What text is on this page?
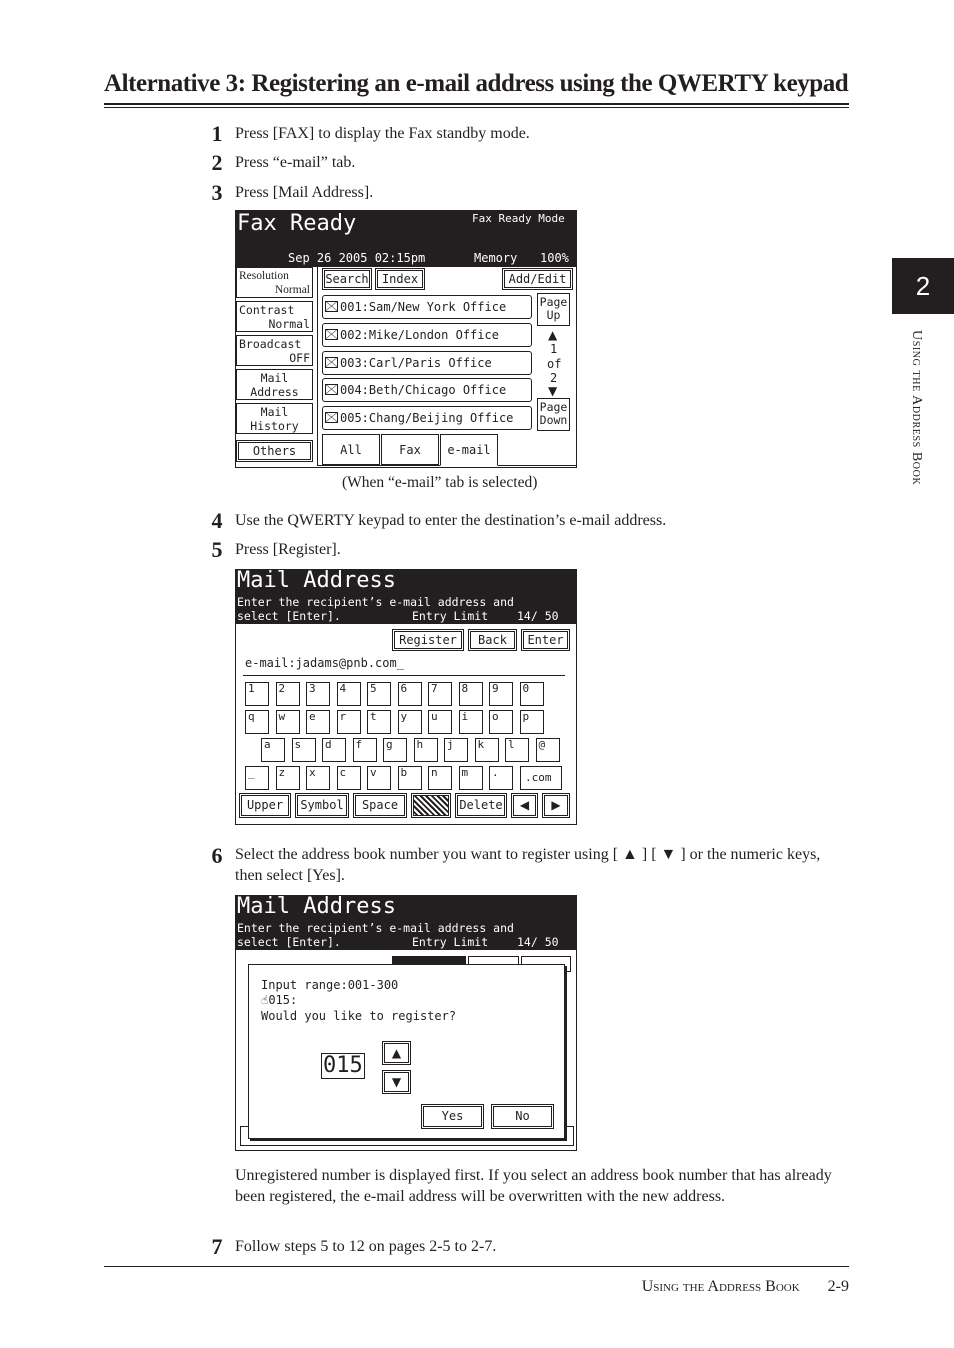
Alternative 3: Registering an e-mail address using the QWERTY keypad
1 Press [FAX] to display the Fax standby mode.
2 Press “e-mail” tab.
3 Press [Mail Address].
Fax Ready	Fax Ready Mode
Sep 26 2005 02:15pm	Memory 100%
Resolution
Normal
Contrast
Normal
Broadcast
OFF
Mail
Address
Mail
History
Others
Search	Index	Add/Edit
001:Sam/New York Office
002:Mike/London Office
003:Carl/Paris Office
004:Beth/Chicago Office
005:Chang/Beijing Office
Page
Up
▲
1
of
2
▼
Page
Down
All	Fax	e-mail
(When “e-mail” tab is selected)
4 Use the QWERTY keypad to enter the destination’s e-mail address.
5 Press [Register].
Mail Address
Enter the recipient’s e-mail address and
select [Enter].	Entry Limit	14/ 50
Register	Back	Enter
e-mail:jadams@pnb.com_
1	2	3	4	5	6	7	8	9	0
q	w	e	r	t	y	u	i	o	p
a	s	d	f	g	h	j	k	l	@
_	z	x	c	v	b	n	m	.	.com
Upper	Symbol	Space	Delete	◀	▶
6 Select the address book number you want to register using [ ▲ ] [ ▼ ] or the numeric keys, then select [Yes].
Mail Address
Enter the recipient’s e-mail address and
select [Enter].	Entry Limit	14/ 50
Input range:001-300
☝015:
Would you like to register?
015	▲
▼
Yes	No
Unregistered number is displayed first. If you select an address book number that has already been registered, the e-mail address will be overwritten with the new address.
7 Follow steps 5 to 12 on pages 2-5 to 2-7.
2
Using the Address Book
Using the Address Book 2-9
